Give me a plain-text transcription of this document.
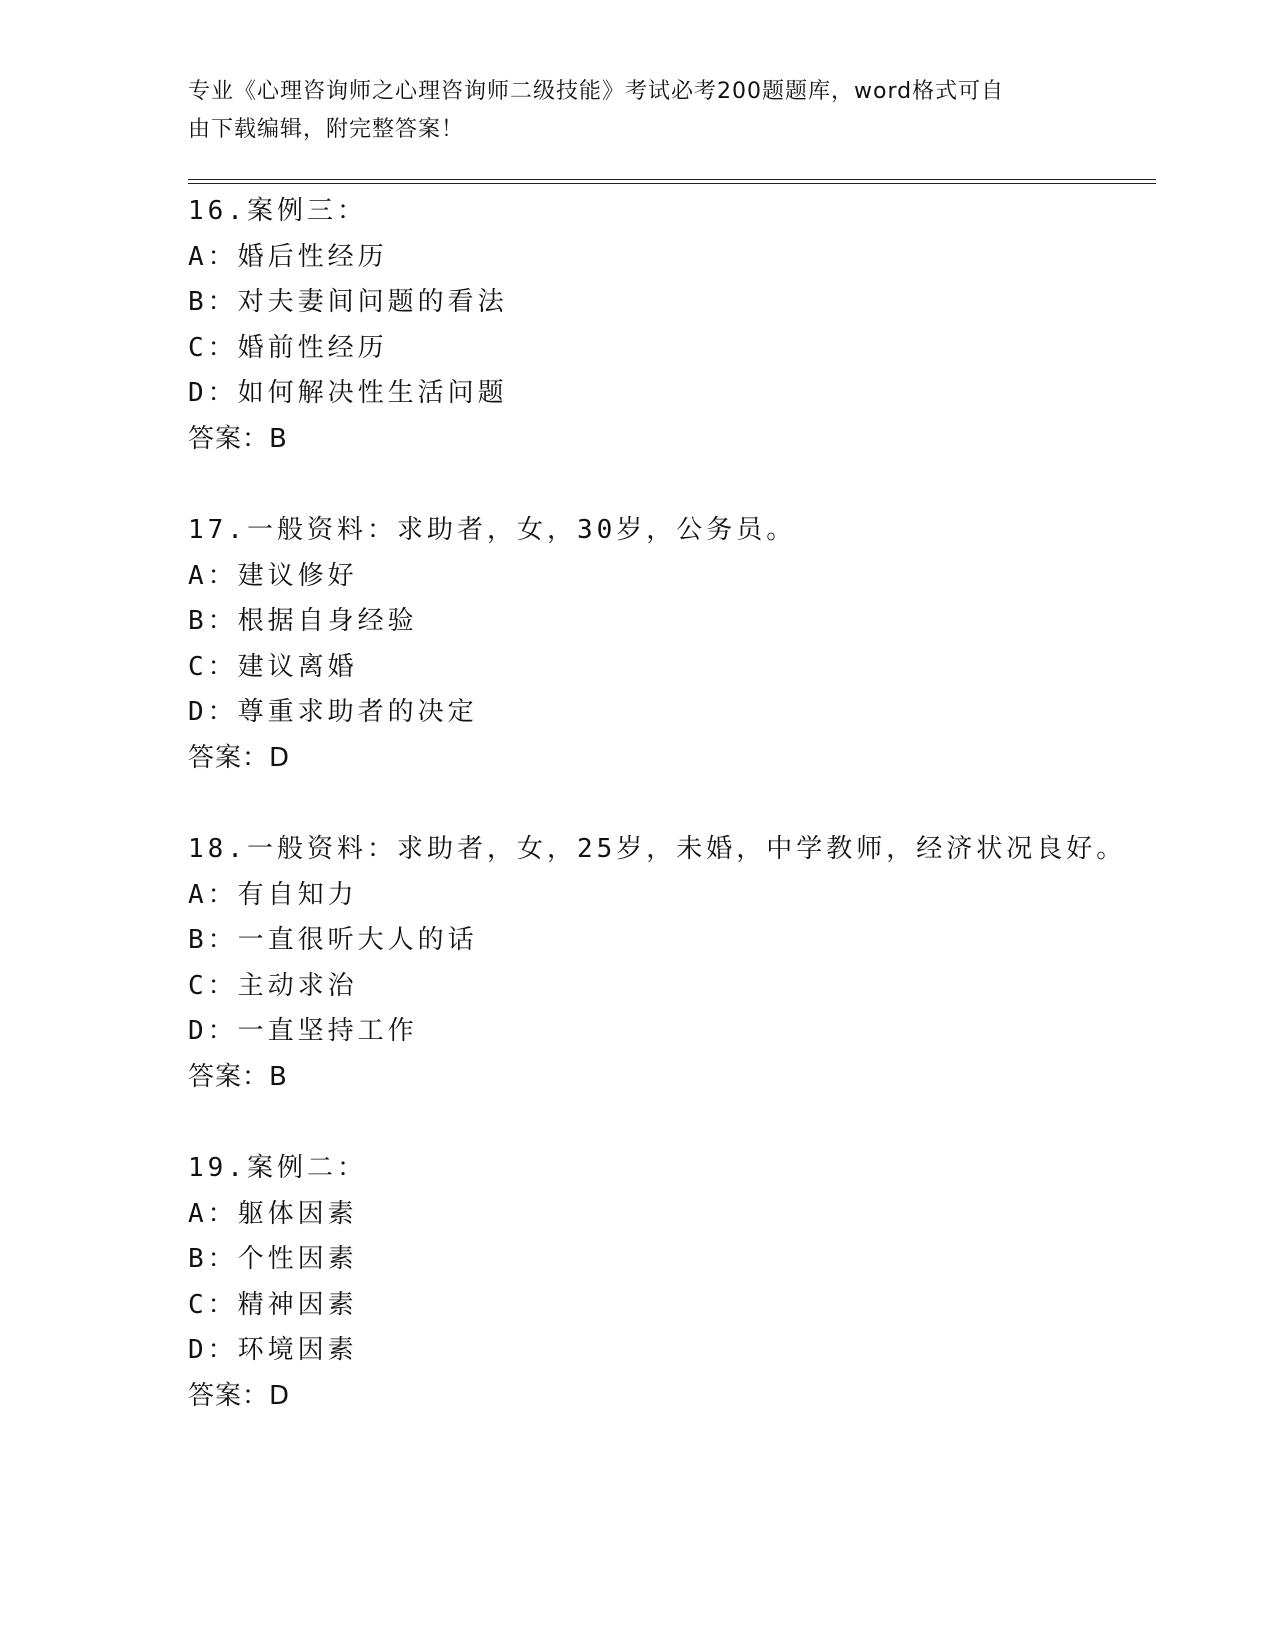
专业《心理咨询师之心理咨询师二级技能》考试必考200题题库，word格式可自
由下载编辑，附完整答案！
16.案例三：
A：婚后性经历
B：对夫妻间问题的看法
C：婚前性经历
D：如何解决性生活问题
答案：B
17.一般资料：求助者，女，30岁，公务员。
A：建议修好
B：根据自身经验
C：建议离婚
D：尊重求助者的决定
答案：D
18.一般资料：求助者，女，25岁，未婚，中学教师，经济状况良好。
A：有自知力
B：一直很听大人的话
C：主动求治
D：一直坚持工作
答案：B
19.案例二：
A：躯体因素
B：个性因素
C：精神因素
D：环境因素
答案：D
